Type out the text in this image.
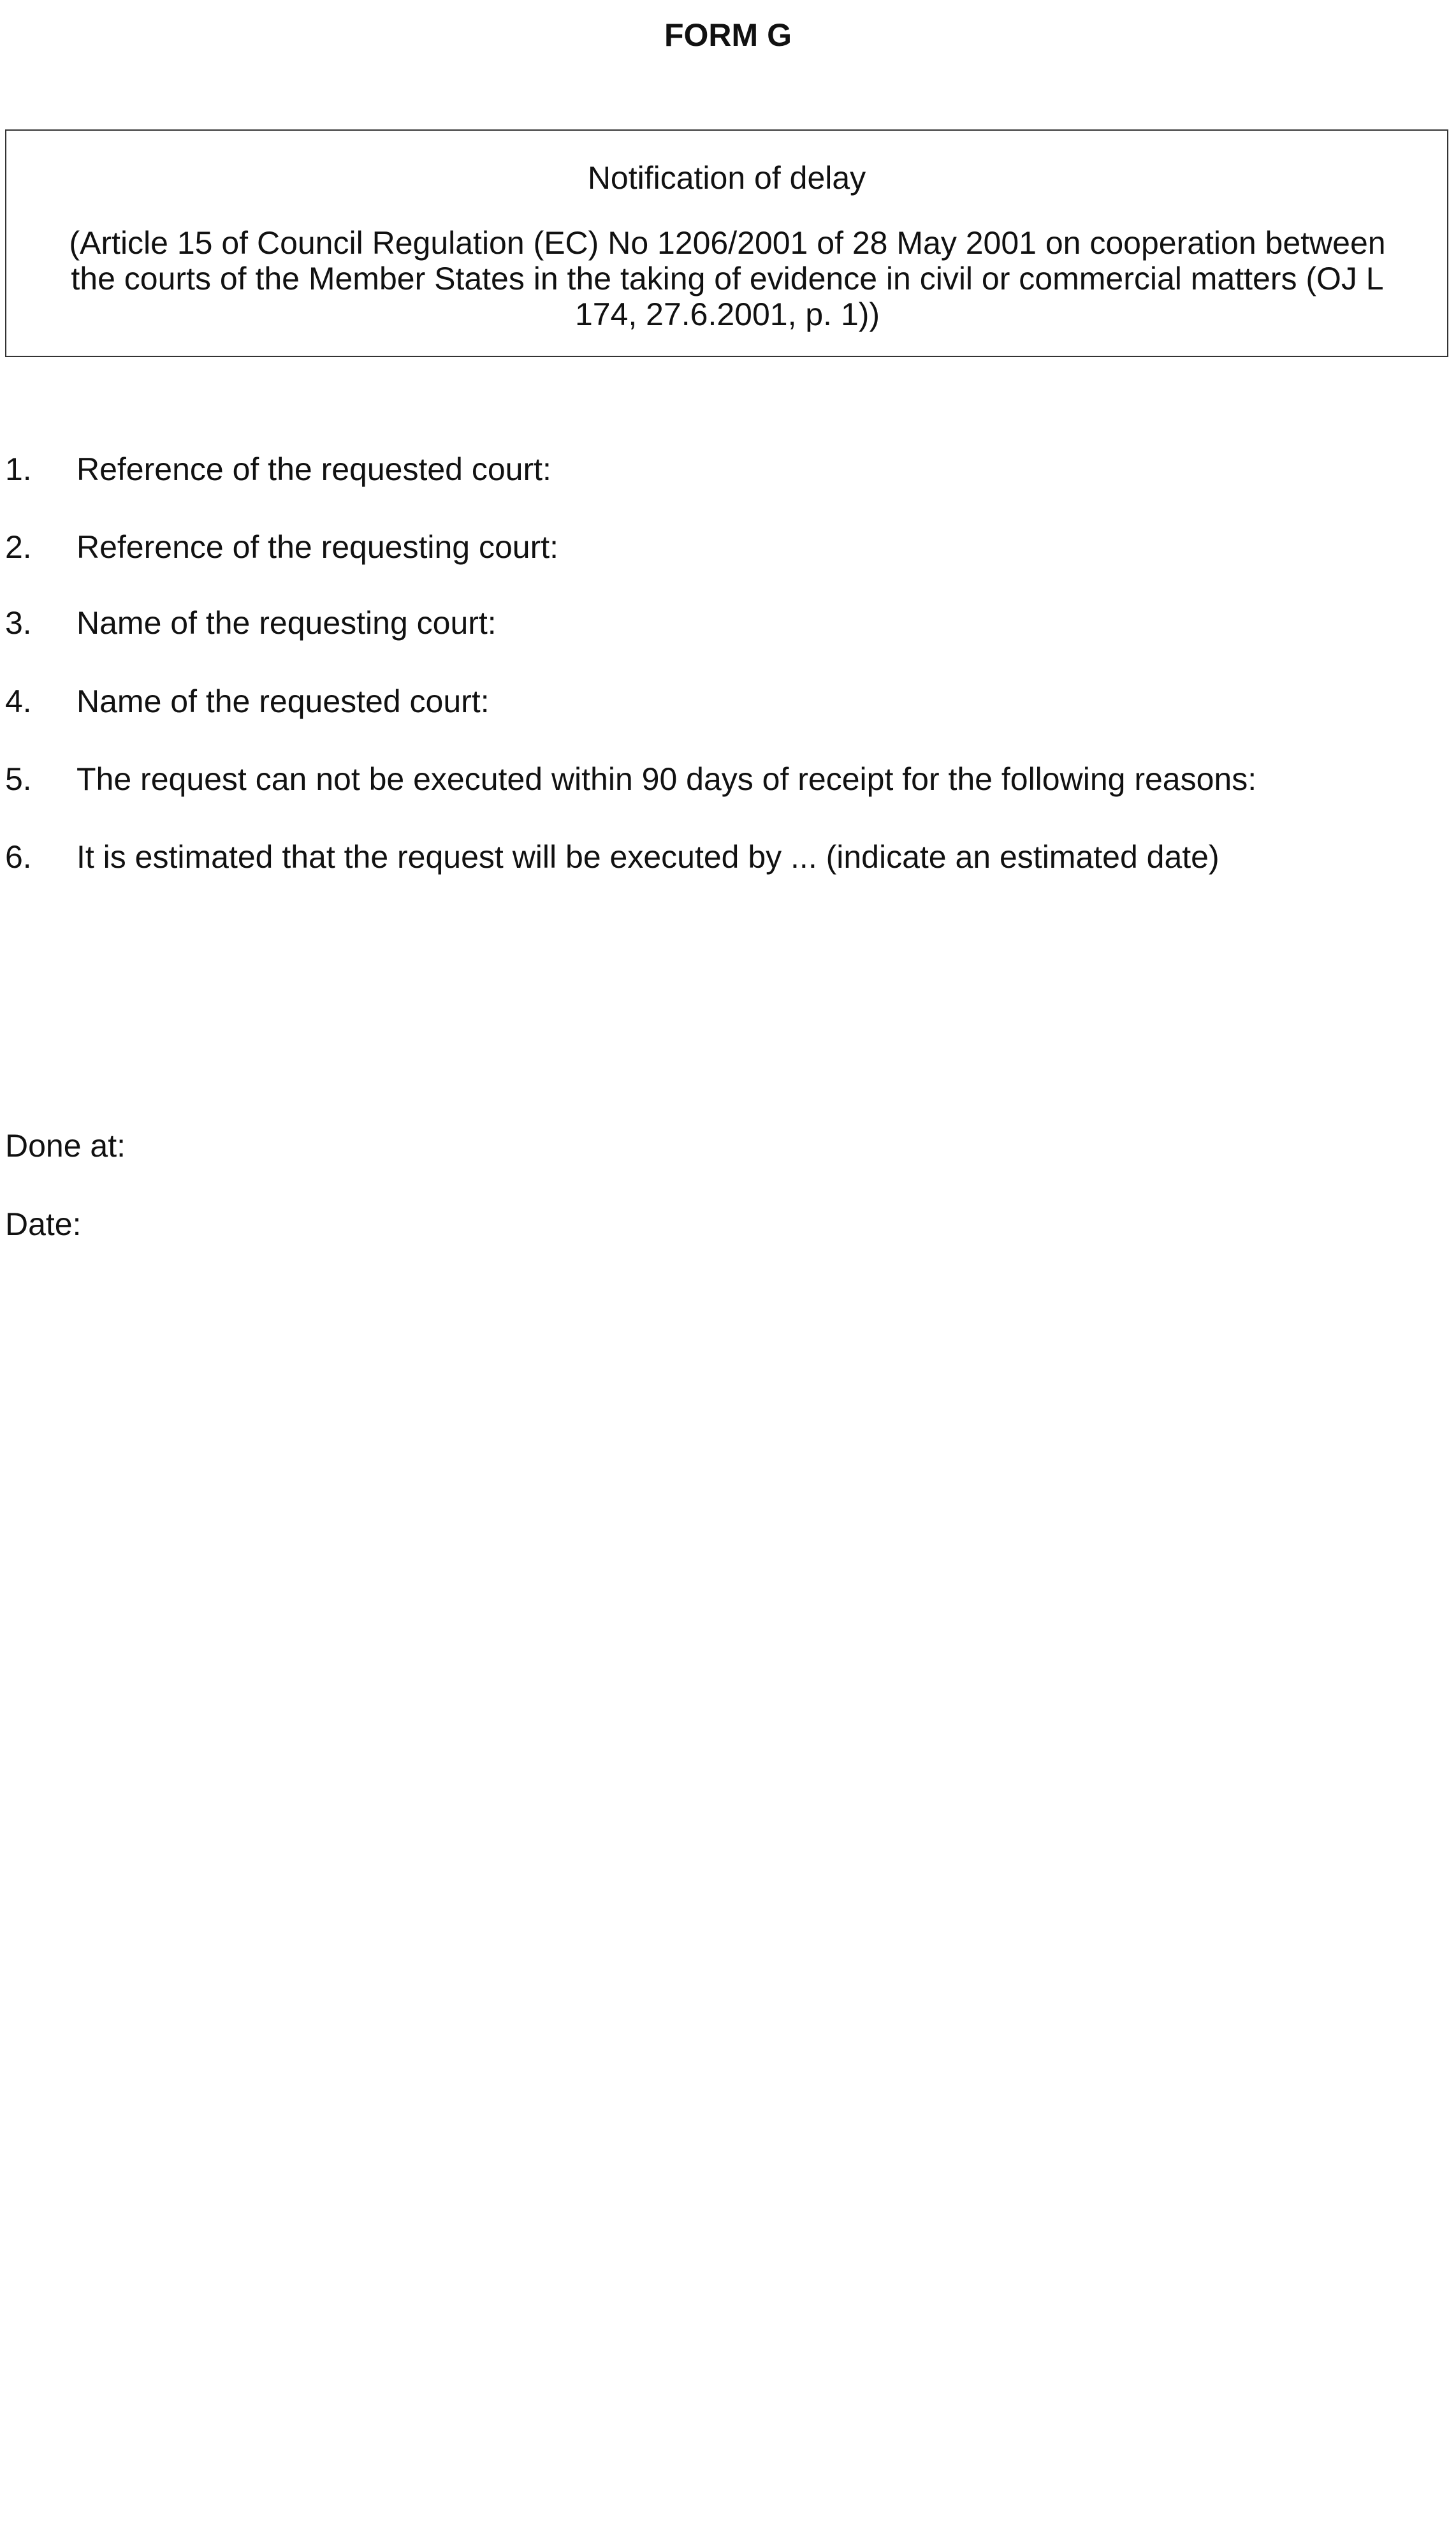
FORM G
Notification of delay
(Article 15 of Council Regulation (EC) No 1206/2001 of 28 May 2001 on cooperation between the courts of the Member States in the taking of evidence in civil or commercial matters (OJ L 174, 27.6.2001, p. 1))
1. Reference of the requested court:
2. Reference of the requesting court:
3. Name of the requesting court:
4. Name of the requested court:
5. The request can not be executed within 90 days of receipt for the following reasons:
6. It is estimated that the request will be executed by ... (indicate an estimated date)
Done at:
Date:
